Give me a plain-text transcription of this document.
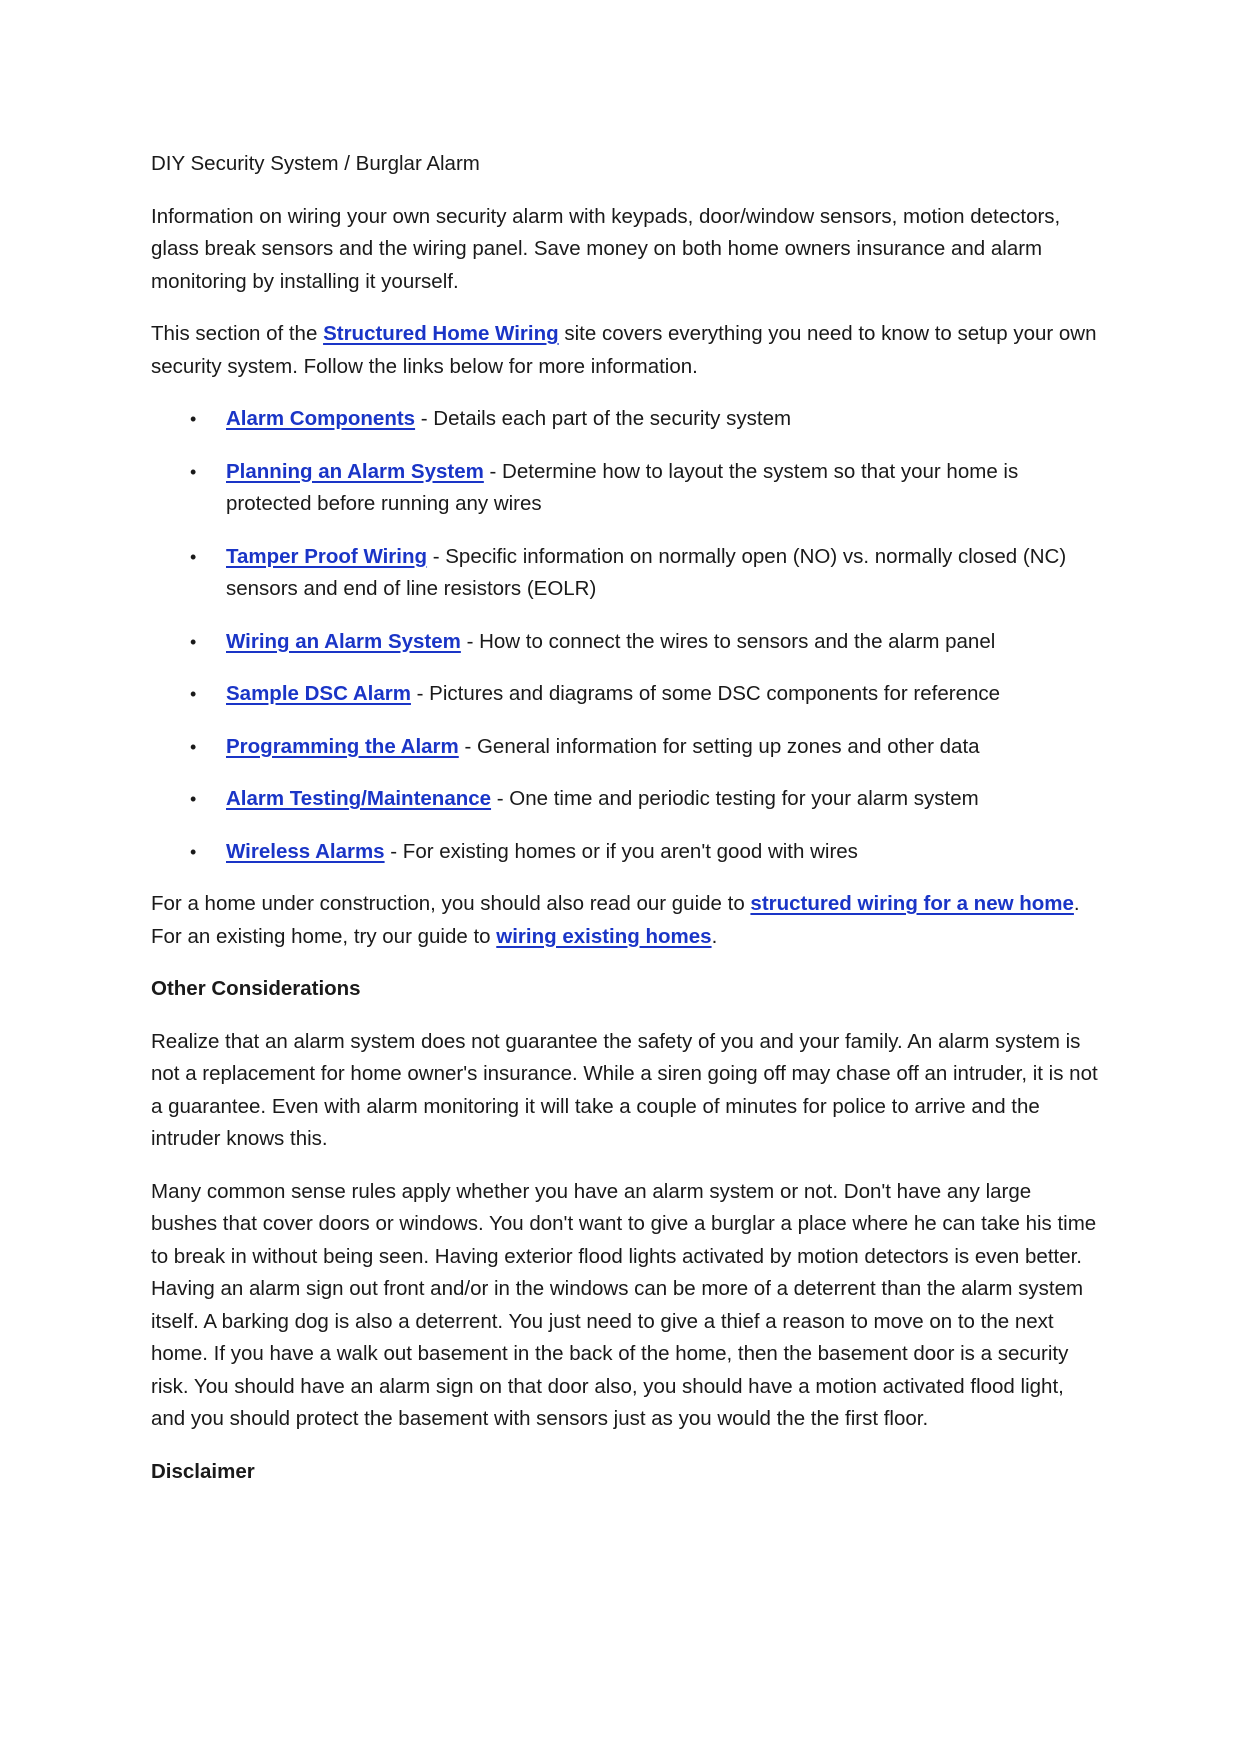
DIY Security System / Burglar Alarm

Information on wiring your own security alarm with keypads, door/window sensors, motion detectors, glass break sensors and the wiring panel. Save money on both home owners insurance and alarm monitoring by installing it yourself.

This section of the Structured Home Wiring site covers everything you need to know to setup your own security system. Follow the links below for more information.

• Alarm Components - Details each part of the security system
• Planning an Alarm System - Determine how to layout the system so that your home is protected before running any wires
• Tamper Proof Wiring - Specific information on normally open (NO) vs. normally closed (NC) sensors and end of line resistors (EOLR)
• Wiring an Alarm System - How to connect the wires to sensors and the alarm panel
• Sample DSC Alarm - Pictures and diagrams of some DSC components for reference
• Programming the Alarm - General information for setting up zones and other data
• Alarm Testing/Maintenance - One time and periodic testing for your alarm system
• Wireless Alarms - For existing homes or if you aren't good with wires

For a home under construction, you should also read our guide to structured wiring for a new home. For an existing home, try our guide to wiring existing homes.

Other Considerations

Realize that an alarm system does not guarantee the safety of you and your family. An alarm system is not a replacement for home owner's insurance. While a siren going off may chase off an intruder, it is not a guarantee. Even with alarm monitoring it will take a couple of minutes for police to arrive and the intruder knows this.

Many common sense rules apply whether you have an alarm system or not. Don't have any large bushes that cover doors or windows. You don't want to give a burglar a place where he can take his time to break in without being seen. Having exterior flood lights activated by motion detectors is even better. Having an alarm sign out front and/or in the windows can be more of a deterrent than the alarm system itself. A barking dog is also a deterrent. You just need to give a thief a reason to move on to the next home. If you have a walk out basement in the back of the home, then the basement door is a security risk. You should have an alarm sign on that door also, you should have a motion activated flood light, and you should protect the basement with sensors just as you would the the first floor.

Disclaimer
